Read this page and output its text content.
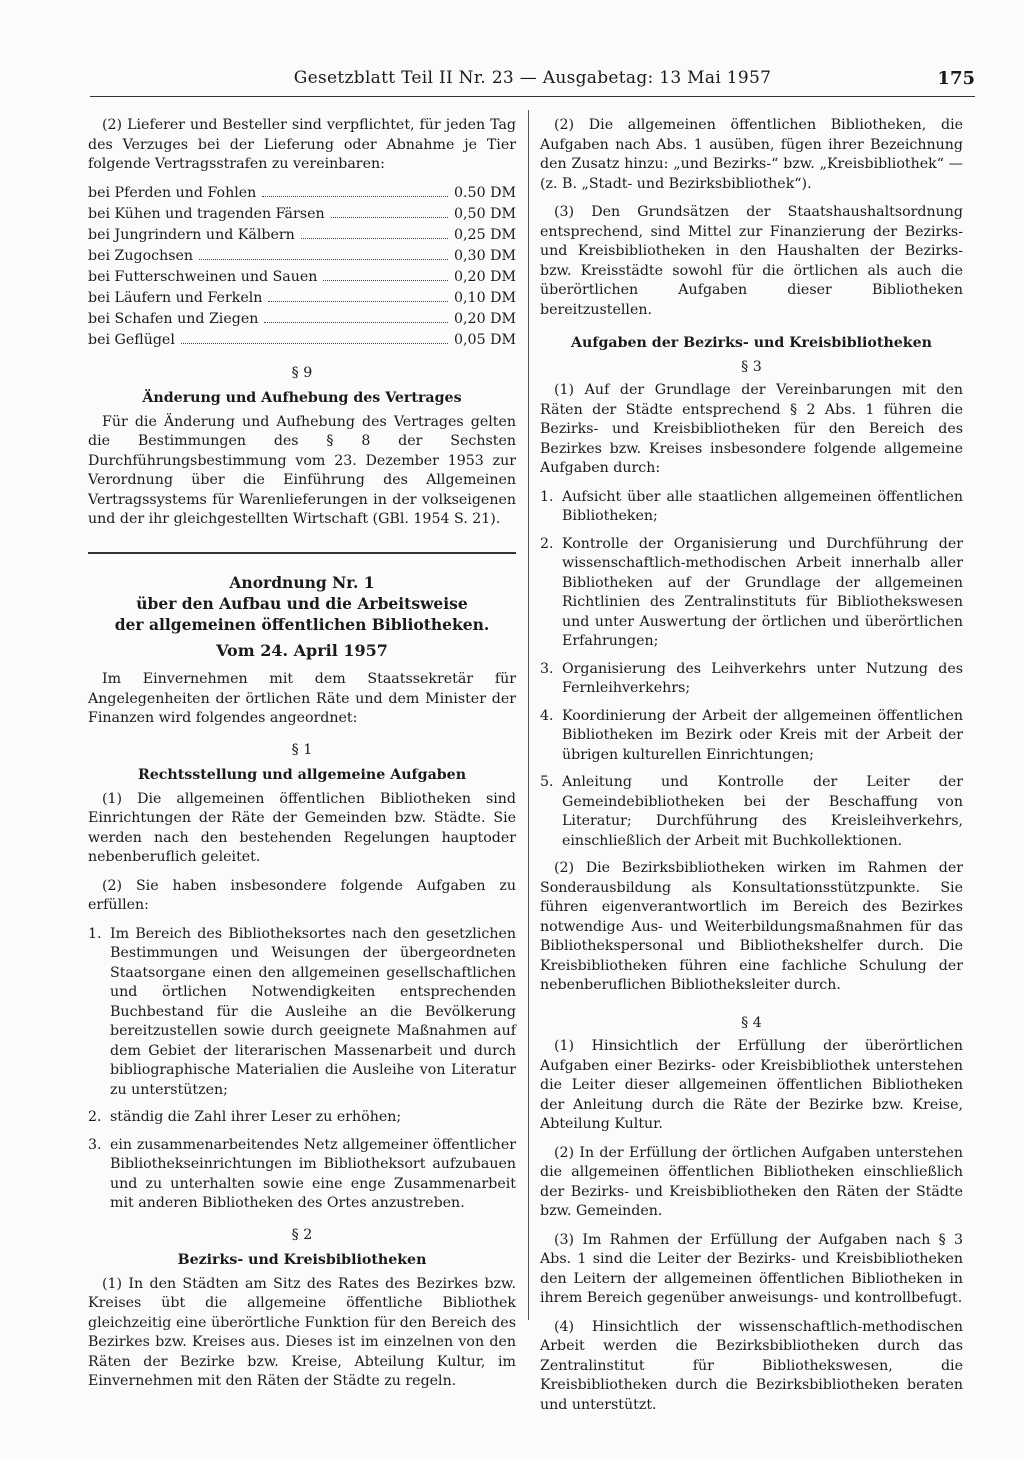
Gesetzblatt Teil II Nr. 23 — Ausgabetag: 13 Mai 1957	175

(2) Lieferer und Besteller sind verpflichtet, für jeden Tag des Verzuges bei der Lieferung oder Abnahme je Tier folgende Vertragsstrafen zu vereinbaren:

bei Pferden und Fohlen	0.50 DM
bei Kühen und tragenden Färsen	0,50 DM
bei Jungrindern und Kälbern	0,25 DM
bei Zugochsen	0,30 DM
bei Futterschweinen und Sauen	0,20 DM
bei Läufern und Ferkeln	0,10 DM
bei Schafen und Ziegen	0,20 DM
bei Geflügel	0,05 DM
§ 9
Änderung und Aufhebung des Vertrages

Für die Änderung und Aufhebung des Vertrages gelten die Bestimmungen des § 8 der Sechsten Durchführungsbestimmung vom 23. Dezember 1953 zur Verordnung über die Einführung des Allgemeinen Vertragssystems für Warenlieferungen in der volkseigenen und der ihr gleichgestellten Wirtschaft (GBl. 1954 S. 21).

Anordnung Nr. 1
über den Aufbau und die Arbeitsweise
der allgemeinen öffentlichen Bibliotheken.
Vom 24. April 1957

Im Einvernehmen mit dem Staatssekretär für Angelegenheiten der örtlichen Räte und dem Minister der Finanzen wird folgendes angeordnet:

§ 1
Rechtsstellung und allgemeine Aufgaben

(1) Die allgemeinen öffentlichen Bibliotheken sind Einrichtungen der Räte der Gemeinden bzw. Städte. Sie werden nach den bestehenden Regelungen hauptoder nebenberuflich geleitet.

(2) Sie haben insbesondere folgende Aufgaben zu erfüllen:

1. Im Bereich des Bibliotheksortes nach den gesetzlichen Bestimmungen und Weisungen der übergeordneten Staatsorgane einen den allgemeinen gesellschaftlichen und örtlichen Notwendigkeiten entsprechenden Buchbestand für die Ausleihe an die Bevölkerung bereitzustellen sowie durch geeignete Maßnahmen auf dem Gebiet der literarischen Massenarbeit und durch bibliographische Materialien die Ausleihe von Literatur zu unterstützen;
2. ständig die Zahl ihrer Leser zu erhöhen;
3. ein zusammenarbeitendes Netz allgemeiner öffentlicher Bibliothekseinrichtungen im Bibliotheksort aufzubauen und zu unterhalten sowie eine enge Zusammenarbeit mit anderen Bibliotheken des Ortes anzustreben.
§ 2
Bezirks- und Kreisbibliotheken

(1) In den Städten am Sitz des Rates des Bezirkes bzw. Kreises übt die allgemeine öffentliche Bibliothek gleichzeitig eine überörtliche Funktion für den Bereich des Bezirkes bzw. Kreises aus. Dieses ist im einzelnen von den Räten der Bezirke bzw. Kreise, Abteilung Kultur, im Einvernehmen mit den Räten der Städte zu regeln.

(2) Die allgemeinen öffentlichen Bibliotheken, die Aufgaben nach Abs. 1 ausüben, fügen ihrer Bezeichnung den Zusatz hinzu: „und Bezirks-“ bzw. „Kreisbibliothek“ — (z. B. „Stadt- und Bezirksbibliothek“).

(3) Den Grundsätzen der Staatshaushaltsordnung entsprechend, sind Mittel zur Finanzierung der Bezirks- und Kreisbibliotheken in den Haushalten der Bezirks- bzw. Kreisstädte sowohl für die örtlichen als auch die überörtlichen Aufgaben dieser Bibliotheken bereitzustellen.

Aufgaben der Bezirks- und Kreisbibliotheken
§ 3

(1) Auf der Grundlage der Vereinbarungen mit den Räten der Städte entsprechend § 2 Abs. 1 führen die Bezirks- und Kreisbibliotheken für den Bereich des Bezirkes bzw. Kreises insbesondere folgende allgemeine Aufgaben durch:

1. Aufsicht über alle staatlichen allgemeinen öffentlichen Bibliotheken;
2. Kontrolle der Organisierung und Durchführung der wissenschaftlich-methodischen Arbeit innerhalb aller Bibliotheken auf der Grundlage der allgemeinen Richtlinien des Zentralinstituts für Bibliothekswesen und unter Auswertung der örtlichen und überörtlichen Erfahrungen;
3. Organisierung des Leihverkehrs unter Nutzung des Fernleihverkehrs;
4. Koordinierung der Arbeit der allgemeinen öffentlichen Bibliotheken im Bezirk oder Kreis mit der Arbeit der übrigen kulturellen Einrichtungen;
5. Anleitung und Kontrolle der Leiter der Gemeindebibliotheken bei der Beschaffung von Literatur; Durchführung des Kreisleihverkehrs, einschließlich der Arbeit mit Buchkollektionen.

(2) Die Bezirksbibliotheken wirken im Rahmen der Sonderausbildung als Konsultationsstützpunkte. Sie führen eigenverantwortlich im Bereich des Bezirkes notwendige Aus- und Weiterbildungsmaßnahmen für das Bibliothekspersonal und Bibliothekshelfer durch. Die Kreisbibliotheken führen eine fachliche Schulung der nebenberuflichen Bibliotheksleiter durch.

§ 4

(1) Hinsichtlich der Erfüllung der überörtlichen Aufgaben einer Bezirks- oder Kreisbibliothek unterstehen die Leiter dieser allgemeinen öffentlichen Bibliotheken der Anleitung durch die Räte der Bezirke bzw. Kreise, Abteilung Kultur.

(2) In der Erfüllung der örtlichen Aufgaben unterstehen die allgemeinen öffentlichen Bibliotheken einschließlich der Bezirks- und Kreisbibliotheken den Räten der Städte bzw. Gemeinden.

(3) Im Rahmen der Erfüllung der Aufgaben nach § 3 Abs. 1 sind die Leiter der Bezirks- und Kreisbibliotheken den Leitern der allgemeinen öffentlichen Bibliotheken in ihrem Bereich gegenüber anweisungs- und kontrollbefugt.

(4) Hinsichtlich der wissenschaftlich-methodischen Arbeit werden die Bezirksbibliotheken durch das Zentralinstitut für Bibliothekswesen, die Kreisbibliotheken durch die Bezirksbibliotheken beraten und unterstützt.
